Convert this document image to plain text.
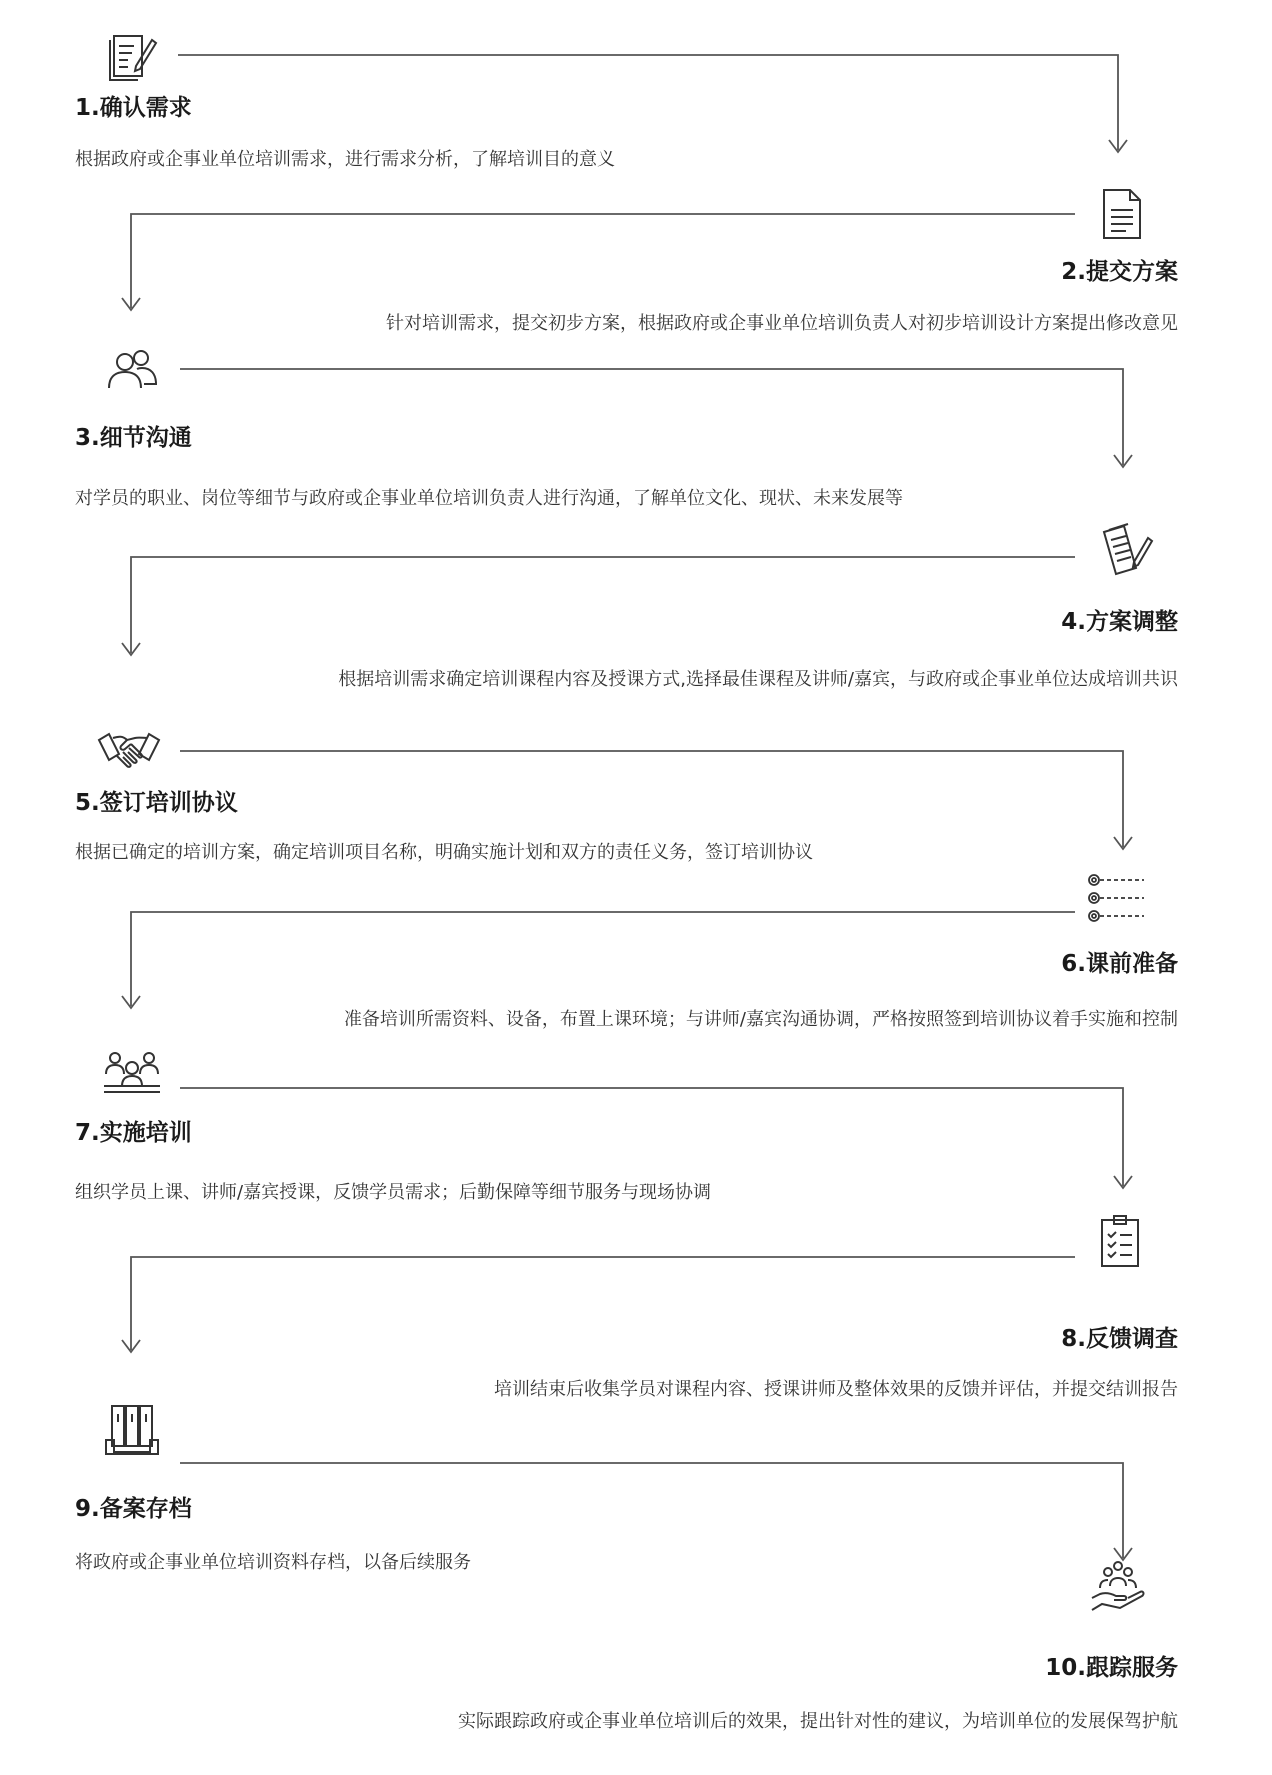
1.确认需求
根据政府或企事业单位培训需求，进行需求分析，了解培训目的意义
2.提交方案
针对培训需求，提交初步方案，根据政府或企事业单位培训负责人对初步培训设计方案提出修改意见
3.细节沟通
对学员的职业、岗位等细节与政府或企事业单位培训负责人进行沟通，了解单位文化、现状、未来发展等
4.方案调整
根据培训需求确定培训课程内容及授课方式,选择最佳课程及讲师/嘉宾，与政府或企事业单位达成培训共识
5.签订培训协议
根据已确定的培训方案，确定培训项目名称，明确实施计划和双方的责任义务，签订培训协议
6.课前准备
准备培训所需资料、设备，布置上课环境；与讲师/嘉宾沟通协调，严格按照签到培训协议着手实施和控制
7.实施培训
组织学员上课、讲师/嘉宾授课，反馈学员需求；后勤保障等细节服务与现场协调
8.反馈调查
培训结束后收集学员对课程内容、授课讲师及整体效果的反馈并评估，并提交结训报告
9.备案存档
将政府或企事业单位培训资料存档，以备后续服务
10.跟踪服务
实际跟踪政府或企事业单位培训后的效果，提出针对性的建议，为培训单位的发展保驾护航
